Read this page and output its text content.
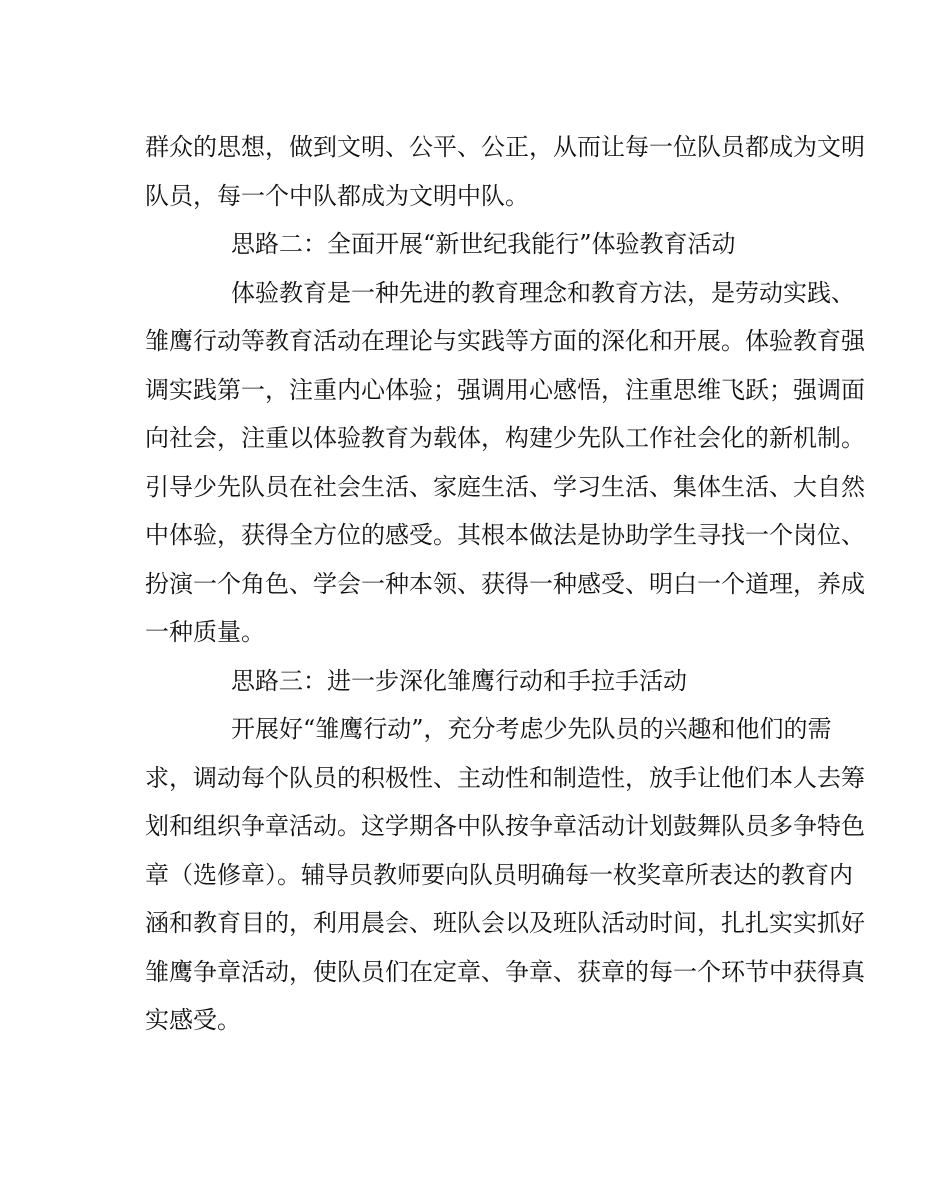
群众的思想，做到文明、公平、公正，从而让每一位队员都成为文明
队员，每一个中队都成为文明中队。
思路二：全面开展“新世纪我能行”体验教育活动
体验教育是一种先进的教育理念和教育方法，是劳动实践、
雏鹰行动等教育活动在理论与实践等方面的深化和开展。体验教育强
调实践第一，注重内心体验；强调用心感悟，注重思维飞跃；强调面
向社会，注重以体验教育为载体，构建少先队工作社会化的新机制。
引导少先队员在社会生活、家庭生活、学习生活、集体生活、大自然
中体验，获得全方位的感受。其根本做法是协助学生寻找一个岗位、
扮演一个角色、学会一种本领、获得一种感受、明白一个道理，养成
一种质量。
思路三：进一步深化雏鹰行动和手拉手活动
开展好“雏鹰行动”，充分考虑少先队员的兴趣和他们的需
求，调动每个队员的积极性、主动性和制造性，放手让他们本人去筹
划和组织争章活动。这学期各中队按争章活动计划鼓舞队员多争特色
章（选修章）。辅导员教师要向队员明确每一枚奖章所表达的教育内
涵和教育目的，利用晨会、班队会以及班队活动时间，扎扎实实抓好
雏鹰争章活动，使队员们在定章、争章、获章的每一个环节中获得真
实感受。
